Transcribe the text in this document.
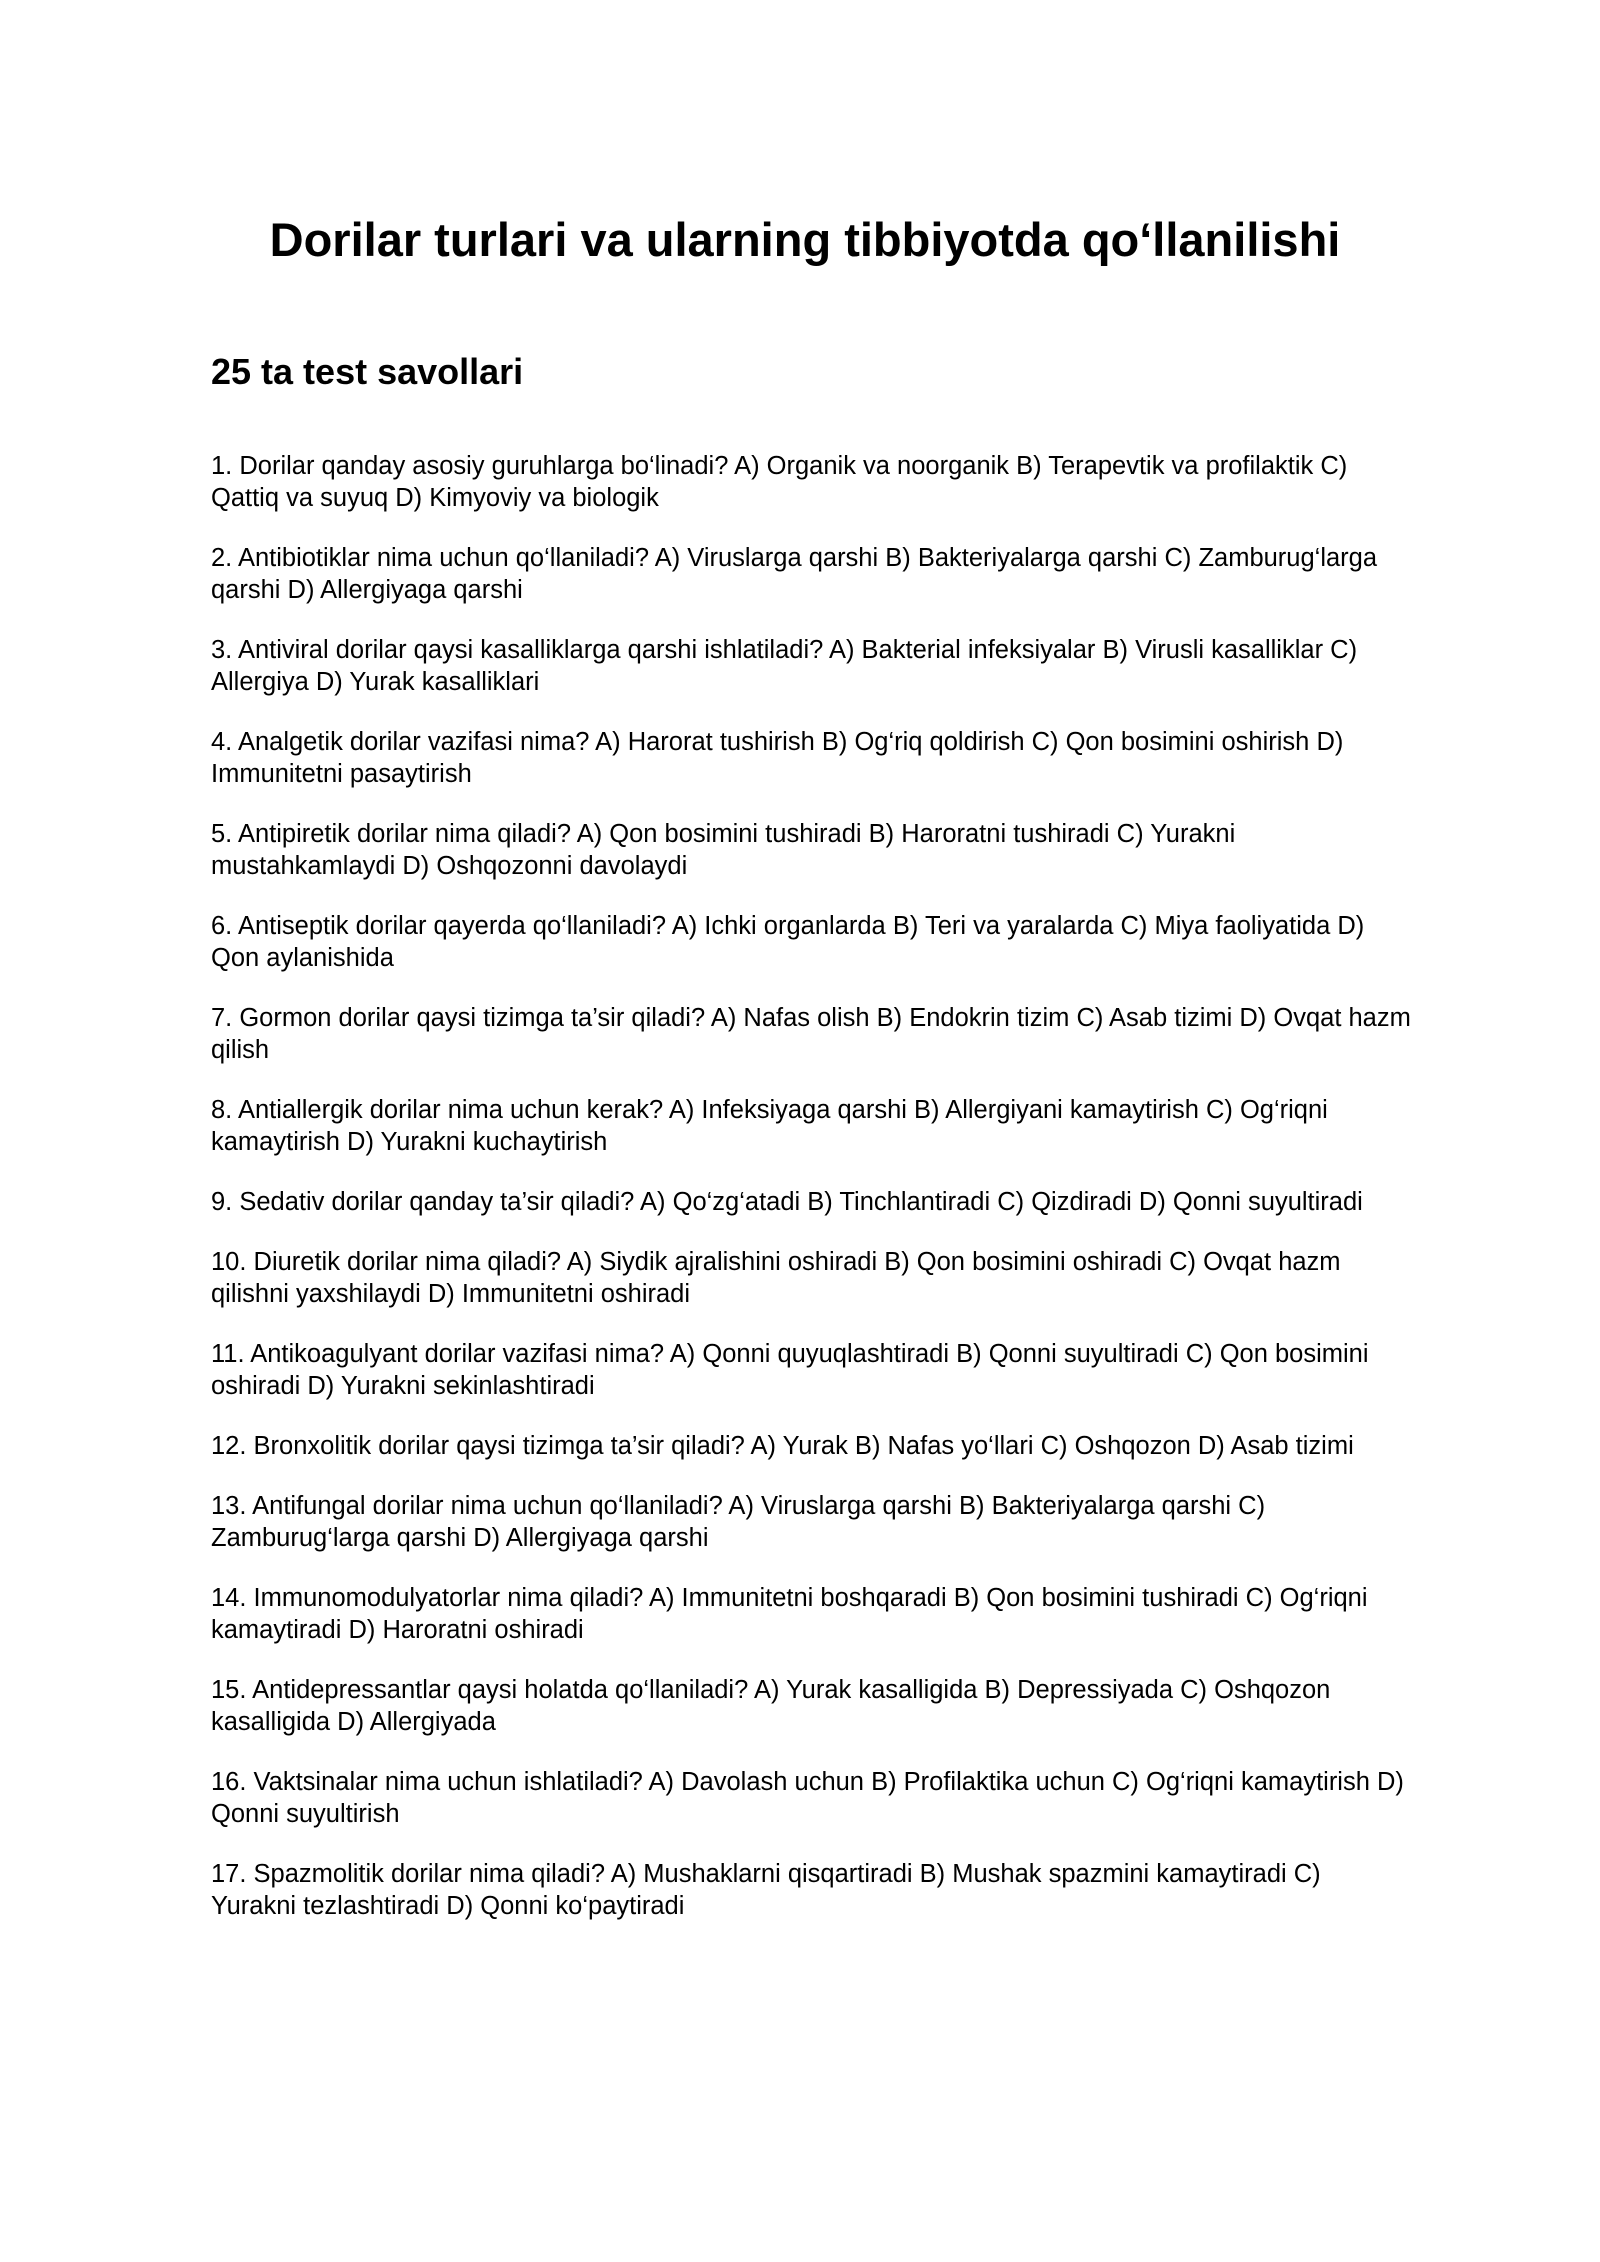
Dorilar turlari va ularning tibbiyotda qo‘llanilishi
25 ta test savollari
1. Dorilar qanday asosiy guruhlarga bo‘linadi? A) Organik va noorganik B) Terapevtik va profilaktik C) Qattiq va suyuq D) Kimyoviy va biologik
2. Antibiotiklar nima uchun qo‘llaniladi? A) Viruslarga qarshi B) Bakteriyalarga qarshi C) Zamburug‘larga qarshi D) Allergiyaga qarshi
3. Antiviral dorilar qaysi kasalliklarga qarshi ishlatiladi? A) Bakterial infeksiyalar B) Virusli kasalliklar C) Allergiya D) Yurak kasalliklari
4. Analgetik dorilar vazifasi nima? A) Harorat tushirish B) Og‘riq qoldirish C) Qon bosimini oshirish D) Immunitetni pasaytirish
5. Antipiretik dorilar nima qiladi? A) Qon bosimini tushiradi B) Haroratni tushiradi C) Yurakni mustahkamlaydi D) Oshqozonni davolaydi
6. Antiseptik dorilar qayerda qo‘llaniladi? A) Ichki organlarda B) Teri va yaralarda C) Miya faoliyatida D) Qon aylanishida
7. Gormon dorilar qaysi tizimga ta’sir qiladi? A) Nafas olish B) Endokrin tizim C) Asab tizimi D) Ovqat hazm qilish
8. Antiallergik dorilar nima uchun kerak? A) Infeksiyaga qarshi B) Allergiyani kamaytirish C) Og‘riqni kamaytirish D) Yurakni kuchaytirish
9. Sedativ dorilar qanday ta’sir qiladi? A) Qo‘zg‘atadi B) Tinchlantiradi C) Qizdiradi D) Qonni suyultiradi
10. Diuretik dorilar nima qiladi? A) Siydik ajralishini oshiradi B) Qon bosimini oshiradi C) Ovqat hazm qilishni yaxshilaydi D) Immunitetni oshiradi
11. Antikoagulyant dorilar vazifasi nima? A) Qonni quyuqlashtiradi B) Qonni suyultiradi C) Qon bosimini oshiradi D) Yurakni sekinlashtiradi
12. Bronxolitik dorilar qaysi tizimga ta’sir qiladi? A) Yurak B) Nafas yo‘llari C) Oshqozon D) Asab tizimi
13. Antifungal dorilar nima uchun qo‘llaniladi? A) Viruslarga qarshi B) Bakteriyalarga qarshi C) Zamburug‘larga qarshi D) Allergiyaga qarshi
14. Immunomodulyatorlar nima qiladi? A) Immunitetni boshqaradi B) Qon bosimini tushiradi C) Og‘riqni kamaytiradi D) Haroratni oshiradi
15. Antidepressantlar qaysi holatda qo‘llaniladi? A) Yurak kasalligida B) Depressiyada C) Oshqozon kasalligida D) Allergiyada
16. Vaktsinalar nima uchun ishlatiladi? A) Davolash uchun B) Profilaktika uchun C) Og‘riqni kamaytirish D) Qonni suyultirish
17. Spazmolitik dorilar nima qiladi? A) Mushaklarni qisqartiradi B) Mushak spazmini kamaytiradi C) Yurakni tezlashtiradi D) Qonni ko‘paytiradi
